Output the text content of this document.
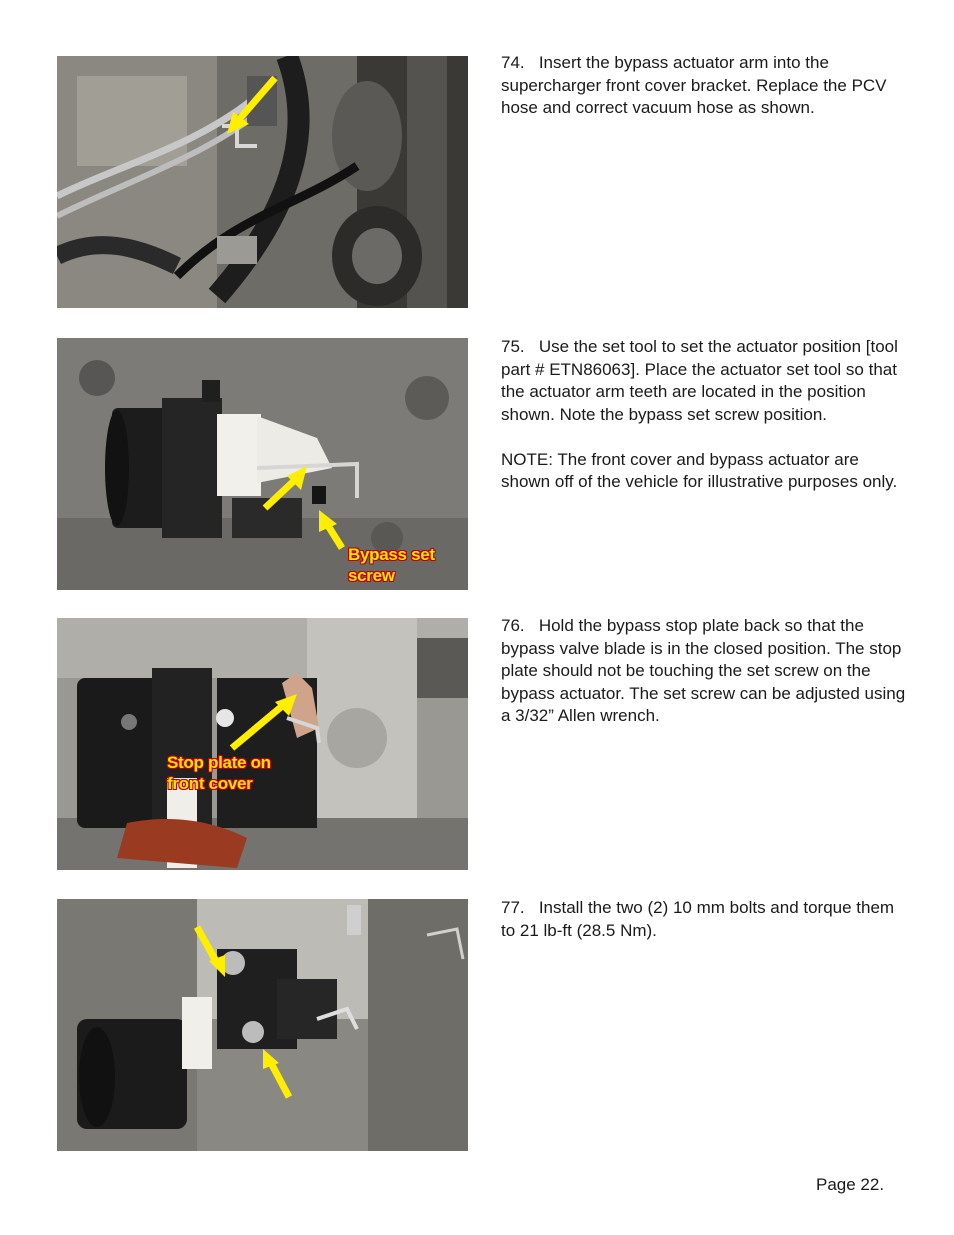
74. Insert the bypass actuator arm into the supercharger front cover bracket. Replace the PCV hose and correct vacuum hose as shown.

Bypass set
screw

75. Use the set tool to set the actuator position [tool part # ETN86063]. Place the actuator set tool so that the actuator arm teeth are located in the position shown. Note the bypass set screw position.

NOTE: The front cover and bypass actuator are shown off of the vehicle for illustrative purposes only.

Stop plate on
front cover

76. Hold the bypass stop plate back so that the bypass valve blade is in the closed position. The stop plate should not be touching the set screw on the bypass actuator. The set screw can be adjusted using a 3/32” Allen wrench.

77. Install the two (2) 10 mm bolts and torque them to 21 lb-ft (28.5 Nm).

Page 22.
